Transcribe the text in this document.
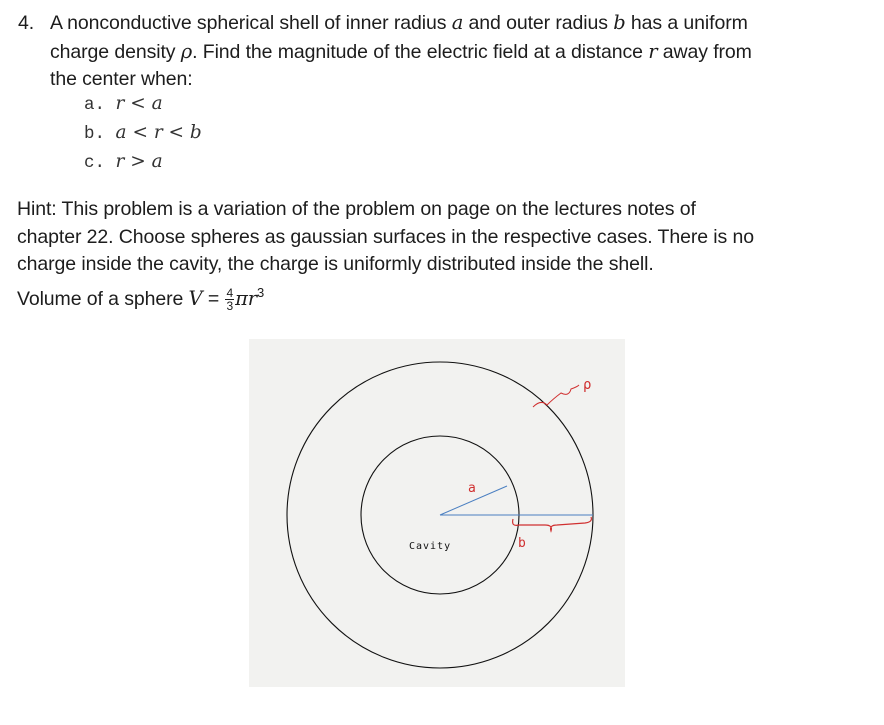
4. A nonconductive spherical shell of inner radius a and outer radius b has a uniform
charge density ρ. Find the magnitude of the electric field at a distance r away from
the center when:
a. r < a
b. a < r < b
c. r > a
Hint: This problem is a variation of the problem on page on the lectures notes of
chapter 22. Choose spheres as gaussian surfaces in the respective cases. There is no
charge inside the cavity, the charge is uniformly distributed inside the shell.
Volume of a sphere $V = \frac{4}{3} \pi r^3$
a
b
ρ
Cavity
